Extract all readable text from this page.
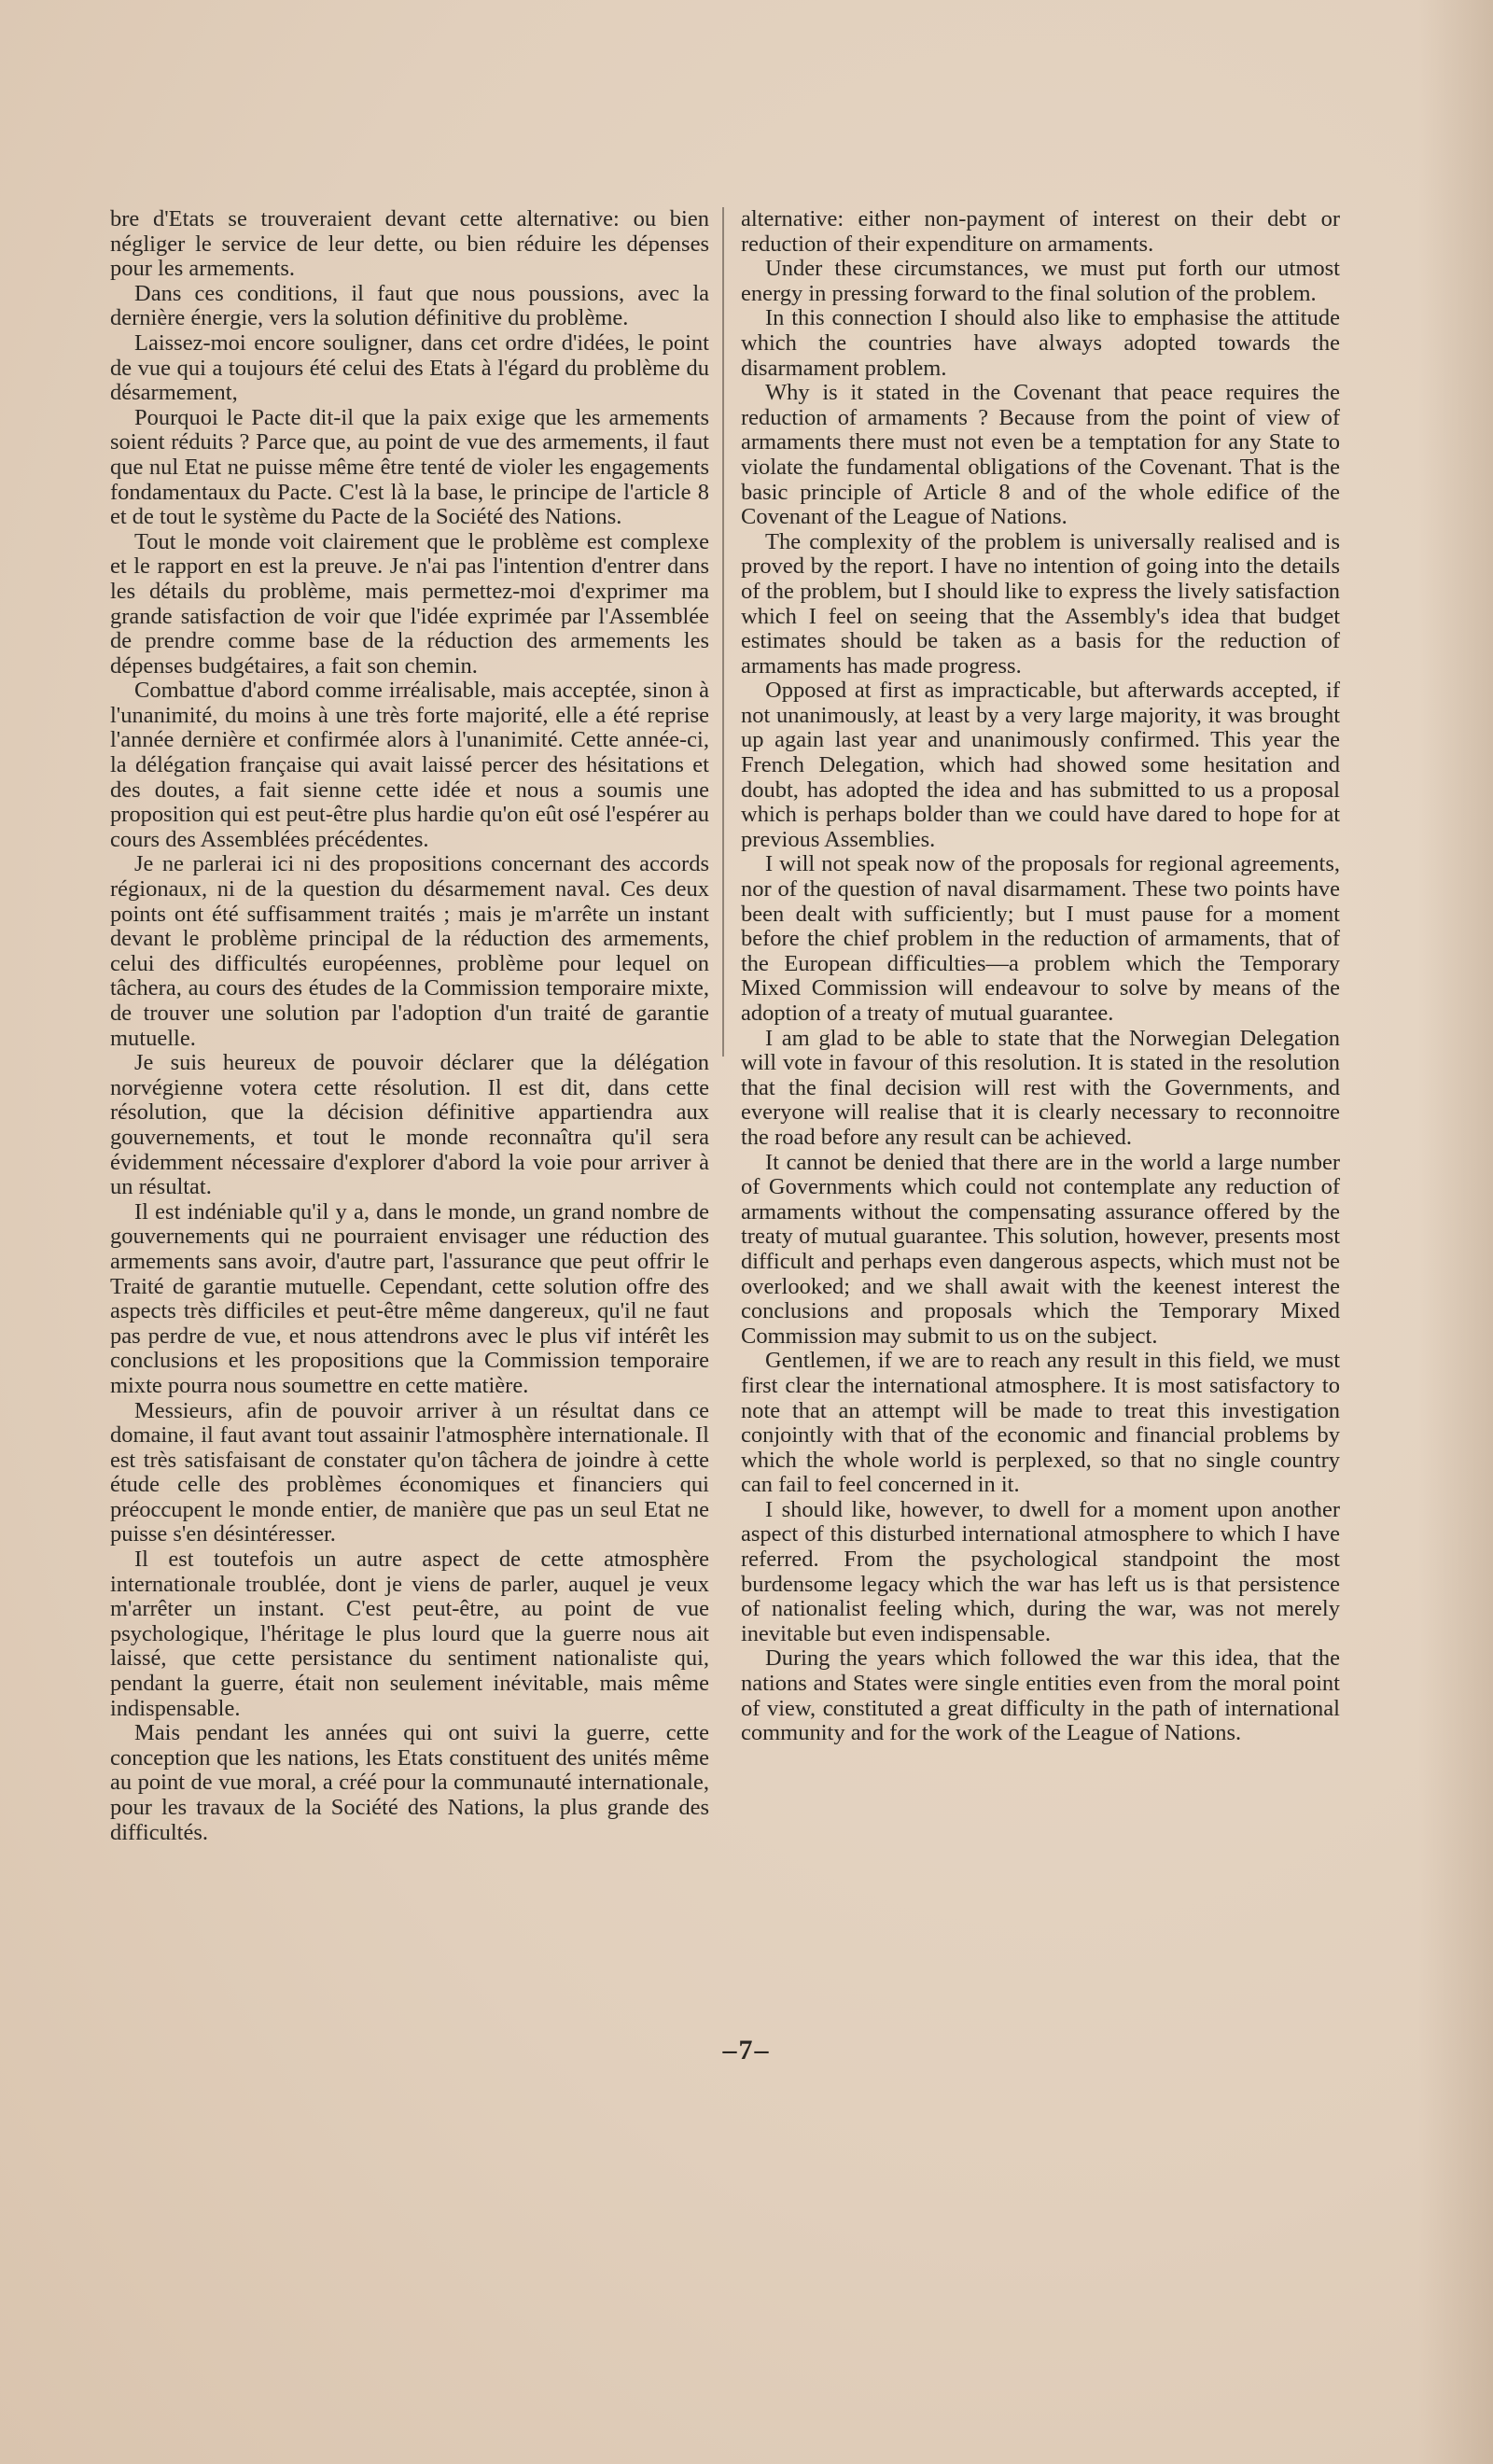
bre d'Etats se trouveraient devant cette alternative: ou bien négliger le service de leur dette, ou bien réduire les dépenses pour les armements.

Dans ces conditions, il faut que nous poussions, avec la dernière énergie, vers la solution définitive du problème.

Laissez-moi encore souligner, dans cet ordre d'idées, le point de vue qui a toujours été celui des Etats à l'égard du problème du désarmement,

Pourquoi le Pacte dit-il que la paix exige que les armements soient réduits ? Parce que, au point de vue des armements, il faut que nul Etat ne puisse même être tenté de violer les engagements fondamentaux du Pacte. C'est là la base, le principe de l'article 8 et de tout le système du Pacte de la Société des Nations.

Tout le monde voit clairement que le problème est complexe et le rapport en est la preuve. Je n'ai pas l'intention d'entrer dans les détails du problème, mais permettez-moi d'exprimer ma grande satisfaction de voir que l'idée exprimée par l'Assemblée de prendre comme base de la réduction des armements les dépenses budgétaires, a fait son chemin.

Combattue d'abord comme irréalisable, mais acceptée, sinon à l'unanimité, du moins à une très forte majorité, elle a été reprise l'année dernière et confirmée alors à l'unanimité. Cette année-ci, la délégation française qui avait laissé percer des hésitations et des doutes, a fait sienne cette idée et nous a soumis une proposition qui est peut-être plus hardie qu'on eût osé l'espérer au cours des Assemblées précédentes.

Je ne parlerai ici ni des propositions concernant des accords régionaux, ni de la question du désarmement naval. Ces deux points ont été suffisamment traités ; mais je m'arrête un instant devant le problème principal de la réduction des armements, celui des difficultés européennes, problème pour lequel on tâchera, au cours des études de la Commission temporaire mixte, de trouver une solution par l'adoption d'un traité de garantie mutuelle.

Je suis heureux de pouvoir déclarer que la délégation norvégienne votera cette résolution. Il est dit, dans cette résolution, que la décision définitive appartiendra aux gouvernements, et tout le monde reconnaîtra qu'il sera évidemment nécessaire d'explorer d'abord la voie pour arriver à un résultat.

Il est indéniable qu'il y a, dans le monde, un grand nombre de gouvernements qui ne pourraient envisager une réduction des armements sans avoir, d'autre part, l'assurance que peut offrir le Traité de garantie mutuelle. Cependant, cette solution offre des aspects très difficiles et peut-être même dangereux, qu'il ne faut pas perdre de vue, et nous attendrons avec le plus vif intérêt les conclusions et les propositions que la Commission temporaire mixte pourra nous soumettre en cette matière.

Messieurs, afin de pouvoir arriver à un résultat dans ce domaine, il faut avant tout assainir l'atmosphère internationale. Il est très satisfaisant de constater qu'on tâchera de joindre à cette étude celle des problèmes économiques et financiers qui préoccupent le monde entier, de manière que pas un seul Etat ne puisse s'en désintéresser.

Il est toutefois un autre aspect de cette atmosphère internationale troublée, dont je viens de parler, auquel je veux m'arrêter un instant. C'est peut-être, au point de vue psychologique, l'héritage le plus lourd que la guerre nous ait laissé, que cette persistance du sentiment nationaliste qui, pendant la guerre, était non seulement inévitable, mais même indispensable.

Mais pendant les années qui ont suivi la guerre, cette conception que les nations, les Etats constituent des unités même au point de vue moral, a créé pour la communauté internationale, pour les travaux de la Société des Nations, la plus grande des difficultés.

alternative: either non-payment of interest on their debt or reduction of their expenditure on armaments.

Under these circumstances, we must put forth our utmost energy in pressing forward to the final solution of the problem.

In this connection I should also like to emphasise the attitude which the countries have always adopted towards the disarmament problem.

Why is it stated in the Covenant that peace requires the reduction of armaments ? Because from the point of view of armaments there must not even be a temptation for any State to violate the fundamental obligations of the Covenant. That is the basic principle of Article 8 and of the whole edifice of the Covenant of the League of Nations.

The complexity of the problem is universally realised and is proved by the report. I have no intention of going into the details of the problem, but I should like to express the lively satisfaction which I feel on seeing that the Assembly's idea that budget estimates should be taken as a basis for the reduction of armaments has made progress.

Opposed at first as impracticable, but afterwards accepted, if not unanimously, at least by a very large majority, it was brought up again last year and unanimously confirmed. This year the French Delegation, which had showed some hesitation and doubt, has adopted the idea and has submitted to us a proposal which is perhaps bolder than we could have dared to hope for at previous Assemblies.

I will not speak now of the proposals for regional agreements, nor of the question of naval disarmament. These two points have been dealt with sufficiently; but I must pause for a moment before the chief problem in the reduction of armaments, that of the European difficulties—a problem which the Temporary Mixed Commission will endeavour to solve by means of the adoption of a treaty of mutual guarantee.

I am glad to be able to state that the Norwegian Delegation will vote in favour of this resolution. It is stated in the resolution that the final decision will rest with the Governments, and everyone will realise that it is clearly necessary to reconnoitre the road before any result can be achieved.

It cannot be denied that there are in the world a large number of Governments which could not contemplate any reduction of armaments without the compensating assurance offered by the treaty of mutual guarantee. This solution, however, presents most difficult and perhaps even dangerous aspects, which must not be overlooked; and we shall await with the keenest interest the conclusions and proposals which the Temporary Mixed Commission may submit to us on the subject.

Gentlemen, if we are to reach any result in this field, we must first clear the international atmosphere. It is most satisfactory to note that an attempt will be made to treat this investigation conjointly with that of the economic and financial problems by which the whole world is perplexed, so that no single country can fail to feel concerned in it.

I should like, however, to dwell for a moment upon another aspect of this disturbed international atmosphere to which I have referred. From the psychological standpoint the most burdensome legacy which the war has left us is that persistence of nationalist feeling which, during the war, was not merely inevitable but even indispensable.

During the years which followed the war this idea, that the nations and States were single entities even from the moral point of view, constituted a great difficulty in the path of international community and for the work of the League of Nations.

–7–
